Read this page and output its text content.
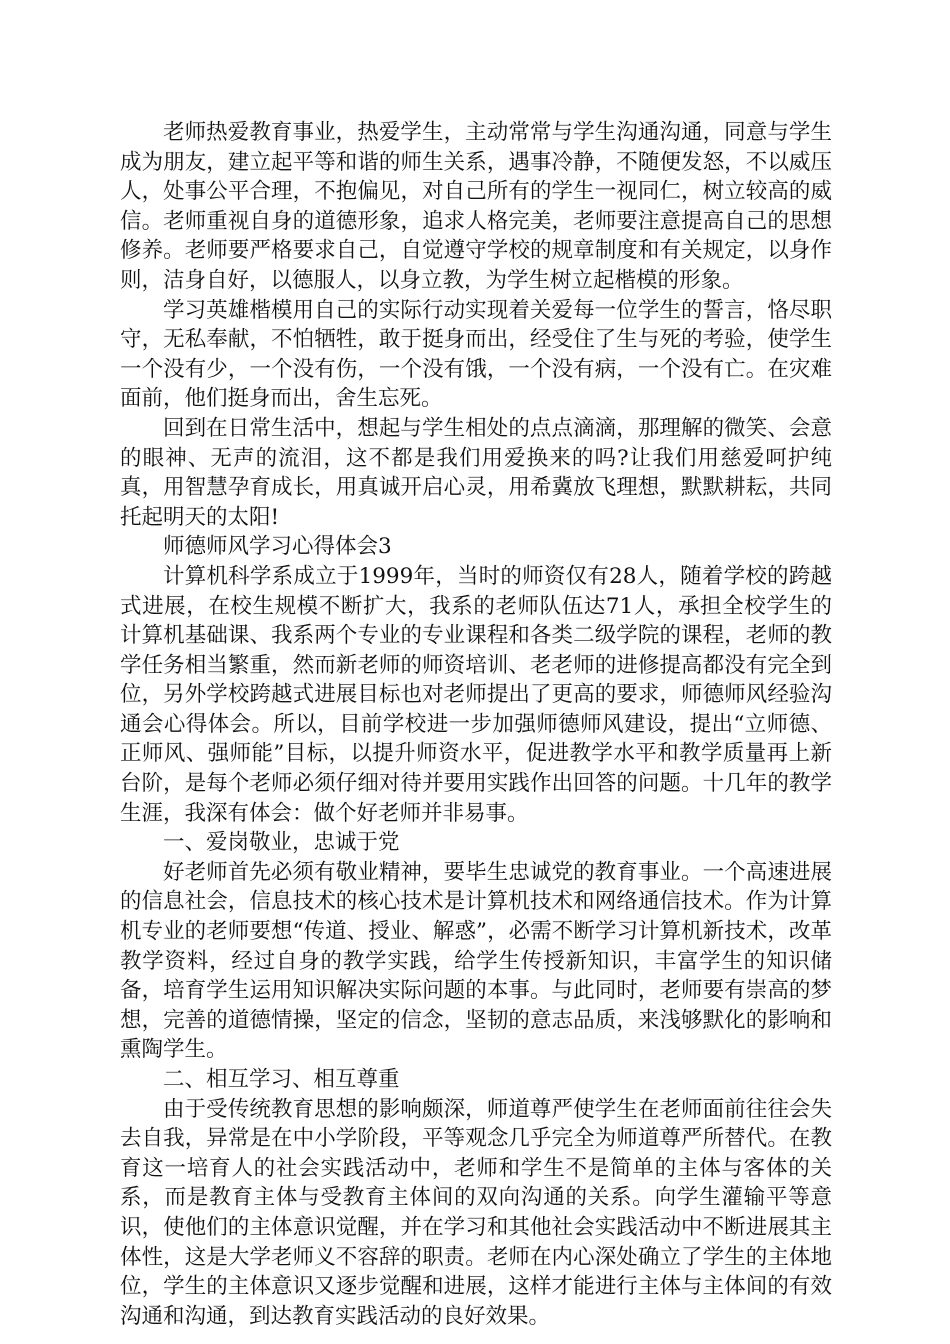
老师热爱教育事业，热爱学生，主动常常与学生沟通沟通，同意与学生成为朋友，建立起平等和谐的师生关系，遇事冷静，不随便发怒，不以威压人，处事公平合理，不抱偏见，对自己所有的学生一视同仁，树立较高的威信。老师重视自身的道德形象，追求人格完美，老师要注意提高自己的思想修养。老师要严格要求自己，自觉遵守学校的规章制度和有关规定，以身作则，洁身自好，以德服人，以身立教，为学生树立起楷模的形象。

学习英雄楷模用自己的实际行动实现着关爱每一位学生的誓言，恪尽职守，无私奉献，不怕牺牲，敢于挺身而出，经受住了生与死的考验，使学生一个没有少，一个没有伤，一个没有饿，一个没有病，一个没有亡。在灾难面前，他们挺身而出，舍生忘死。

回到在日常生活中，想起与学生相处的点点滴滴，那理解的微笑、会意的眼神、无声的流泪，这不都是我们用爱换来的吗?让我们用慈爱呵护纯真，用智慧孕育成长，用真诚开启心灵，用希冀放飞理想，默默耕耘，共同托起明天的太阳!

师德师风学习心得体会3

计算机科学系成立于1999年，当时的师资仅有28人，随着学校的跨越式进展，在校生规模不断扩大，我系的老师队伍达71人，承担全校学生的计算机基础课、我系两个专业的专业课程和各类二级学院的课程，老师的教学任务相当繁重，然而新老师的师资培训、老老师的进修提高都没有完全到位，另外学校跨越式进展目标也对老师提出了更高的要求，师德师风经验沟通会心得体会。所以，目前学校进一步加强师德师风建设，提出“立师德、正师风、强师能”目标，以提升师资水平，促进教学水平和教学质量再上新台阶，是每个老师必须仔细对待并要用实践作出回答的问题。十几年的教学生涯，我深有体会：做个好老师并非易事。

一、爱岗敬业，忠诚于党

好老师首先必须有敬业精神，要毕生忠诚党的教育事业。一个高速进展的信息社会，信息技术的核心技术是计算机技术和网络通信技术。作为计算机专业的老师要想“传道、授业、解惑”，必需不断学习计算机新技术，改革教学资料，经过自身的教学实践，给学生传授新知识，丰富学生的知识储备，培育学生运用知识解决实际问题的本事。与此同时，老师要有崇高的梦想，完善的道德情操，坚定的信念，坚韧的意志品质，来浅够默化的影响和熏陶学生。

二、相互学习、相互尊重

由于受传统教育思想的影响颇深，师道尊严使学生在老师面前往往会失去自我，异常是在中小学阶段，平等观念几乎完全为师道尊严所替代。在教育这一培育人的社会实践活动中，老师和学生不是简单的主体与客体的关系，而是教育主体与受教育主体间的双向沟通的关系。向学生灌输平等意识，使他们的主体意识觉醒，并在学习和其他社会实践活动中不断进展其主体性，这是大学老师义不容辞的职责。老师在内心深处确立了学生的主体地位，学生的主体意识又逐步觉醒和进展，这样才能进行主体与主体间的有效沟通和沟通，到达教育实践活动的良好效果。
